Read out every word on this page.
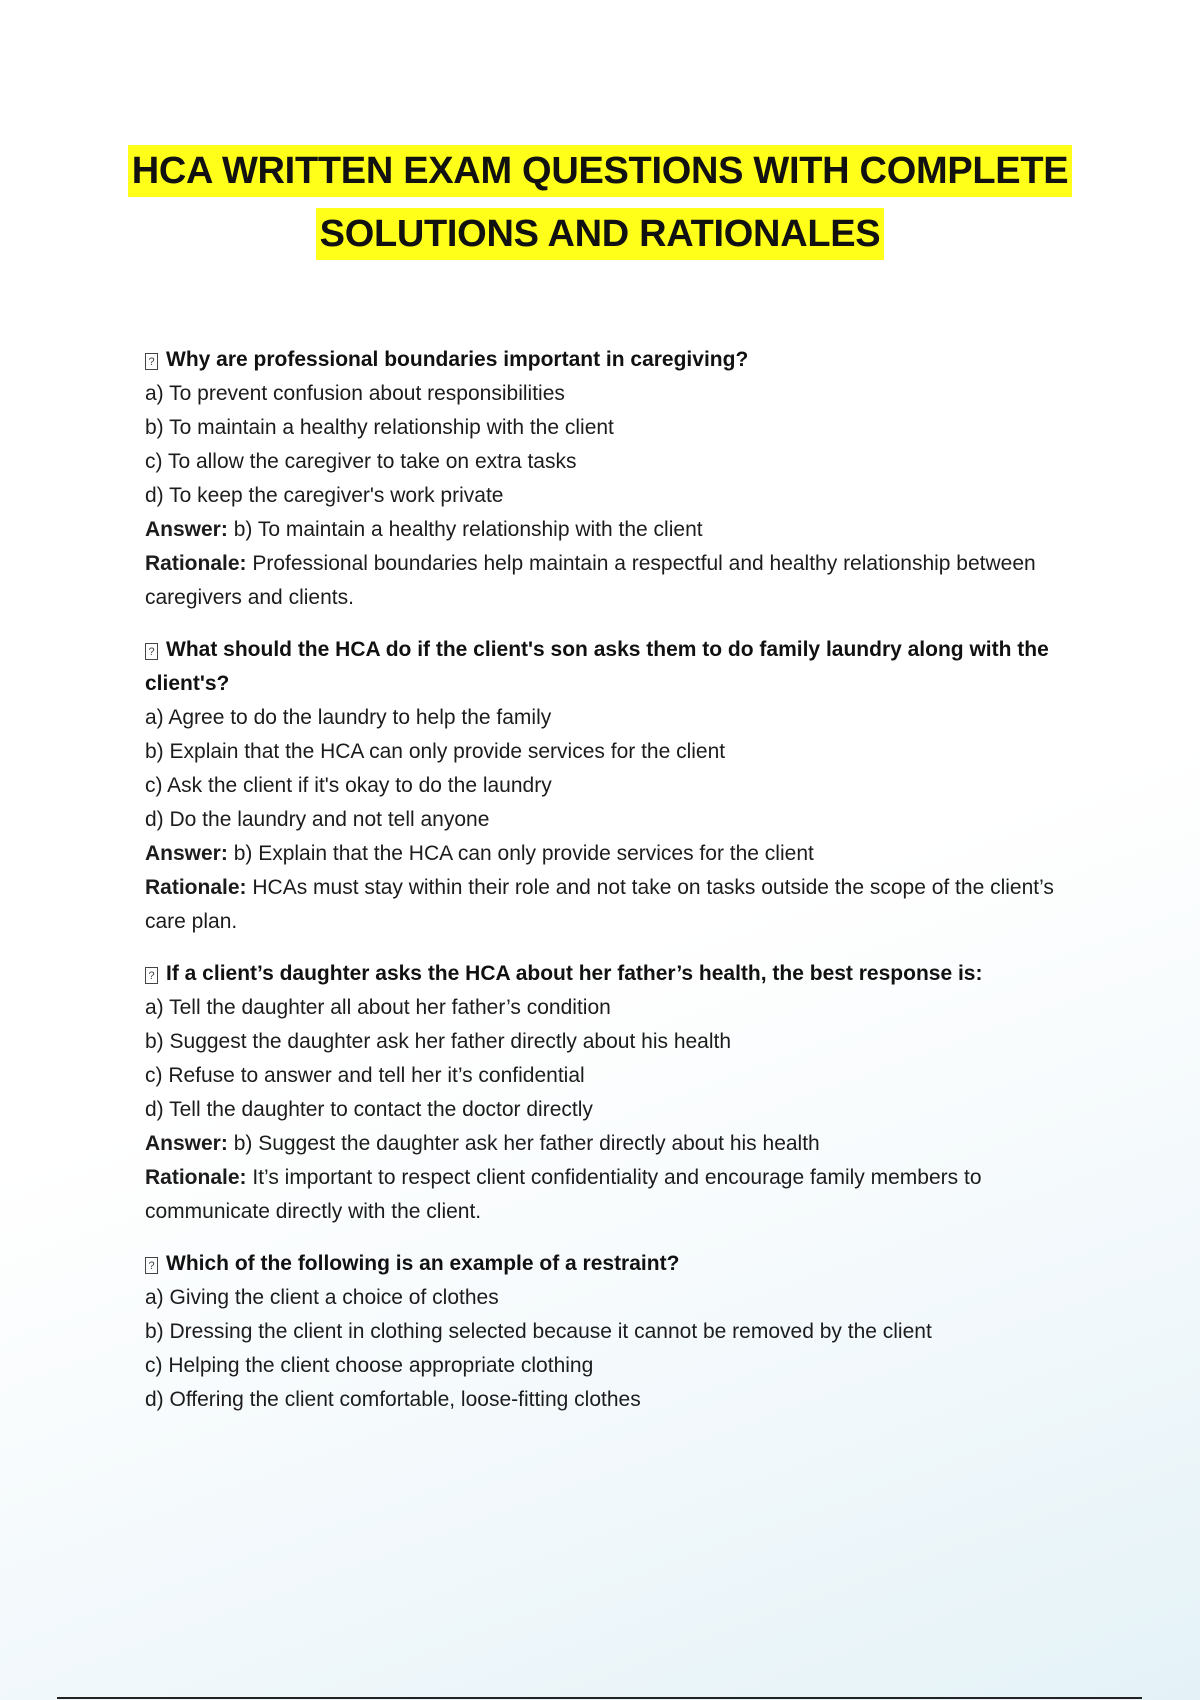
HCA WRITTEN EXAM QUESTIONS WITH COMPLETE
SOLUTIONS AND RATIONALES
? Why are professional boundaries important in caregiving?
a) To prevent confusion about responsibilities
b) To maintain a healthy relationship with the client
c) To allow the caregiver to take on extra tasks
d) To keep the caregiver's work private
Answer: b) To maintain a healthy relationship with the client
Rationale: Professional boundaries help maintain a respectful and healthy relationship between caregivers and clients.
? What should the HCA do if the client's son asks them to do family laundry along with the client's?
a) Agree to do the laundry to help the family
b) Explain that the HCA can only provide services for the client
c) Ask the client if it's okay to do the laundry
d) Do the laundry and not tell anyone
Answer: b) Explain that the HCA can only provide services for the client
Rationale: HCAs must stay within their role and not take on tasks outside the scope of the client’s care plan.
? If a client’s daughter asks the HCA about her father’s health, the best response is:
a) Tell the daughter all about her father’s condition
b) Suggest the daughter ask her father directly about his health
c) Refuse to answer and tell her it’s confidential
d) Tell the daughter to contact the doctor directly
Answer: b) Suggest the daughter ask her father directly about his health
Rationale: It’s important to respect client confidentiality and encourage family members to communicate directly with the client.
? Which of the following is an example of a restraint?
a) Giving the client a choice of clothes
b) Dressing the client in clothing selected because it cannot be removed by the client
c) Helping the client choose appropriate clothing
d) Offering the client comfortable, loose-fitting clothes
